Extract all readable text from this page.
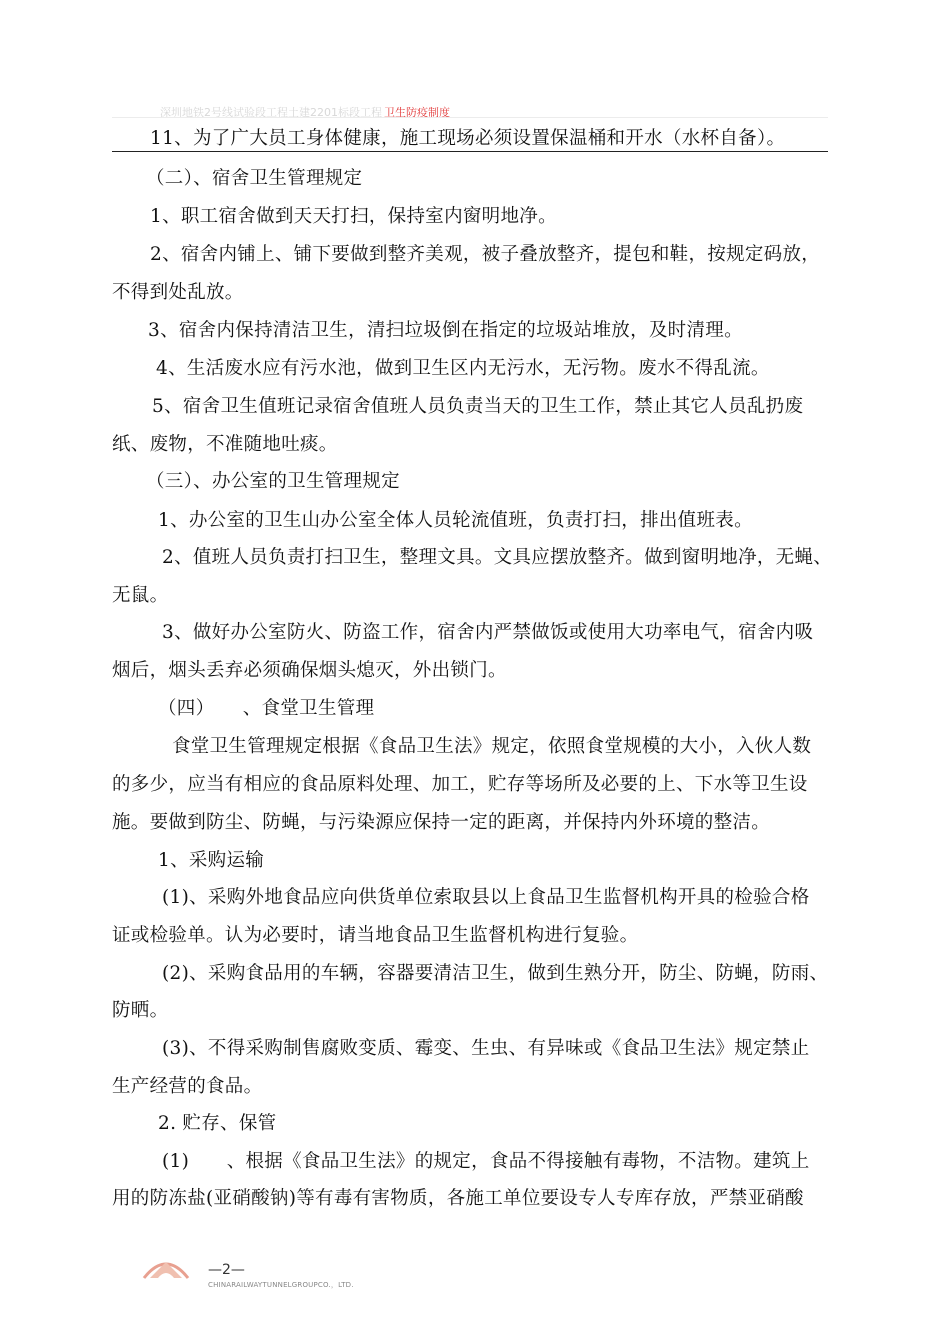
深圳地铁2号线试验段工程土建2201标段工程 卫生防疫制度
11、为了广大员工身体健康，施工现场必须设置保温桶和开水（水杯自备）。
（二）、宿舍卫生管理规定
1、职工宿舍做到天天打扫，保持室内窗明地净。
2、宿舍内铺上、铺下要做到整齐美观，被子叠放整齐，提包和鞋，按规定码放，
不得到处乱放。
3、宿舍内保持清洁卫生，清扫垃圾倒在指定的垃圾站堆放，及时清理。
4、生活废水应有污水池，做到卫生区内无污水，无污物。废水不得乱流。
5、宿舍卫生值班记录宿舍值班人员负责当天的卫生工作，禁止其它人员乱扔废
纸、废物，不准随地吐痰。
（三）、办公室的卫生管理规定
1、办公室的卫生山办公室全体人员轮流值班，负责打扫，排出值班表。
2、值班人员负责打扫卫生，整理文具。文具应摆放整齐。做到窗明地净，无蝇、
无鼠。
3、做好办公室防火、防盗工作，宿舍内严禁做饭或使用大功率电气，宿舍内吸
烟后，烟头丢弃必须确保烟头熄灭，外出锁门。
（四）　　、食堂卫生管理
食堂卫生管理规定根据《食品卫生法》规定，依照食堂规模的大小，入伙人数
的多少，应当有相应的食品原料处理、加工，贮存等场所及必要的上、下水等卫生设
施。要做到防尘、防蝇，与污染源应保持一定的距离，并保持内外环境的整洁。
1、采购运输
(1)、采购外地食品应向供货单位索取县以上食品卫生监督机构开具的检验合格
证或检验单。认为必要时，请当地食品卫生监督机构进行复验。
(2)、采购食品用的车辆，容器要清洁卫生，做到生熟分开，防尘、防蝇，防雨、
防晒。
(3)、不得采购制售腐败变质、霉变、生虫、有异味或《食品卫生法》规定禁止
生产经营的食品。
2. 贮存、保管
(1)　　、根据《食品卫生法》的规定，食品不得接触有毒物，不洁物。建筑上
用的防冻盐(亚硝酸钠)等有毒有害物质，各施工单位要设专人专库存放，严禁亚硝酸
—2—
CHINARAILWAYTUNNELGROUPCO.，LTD.
